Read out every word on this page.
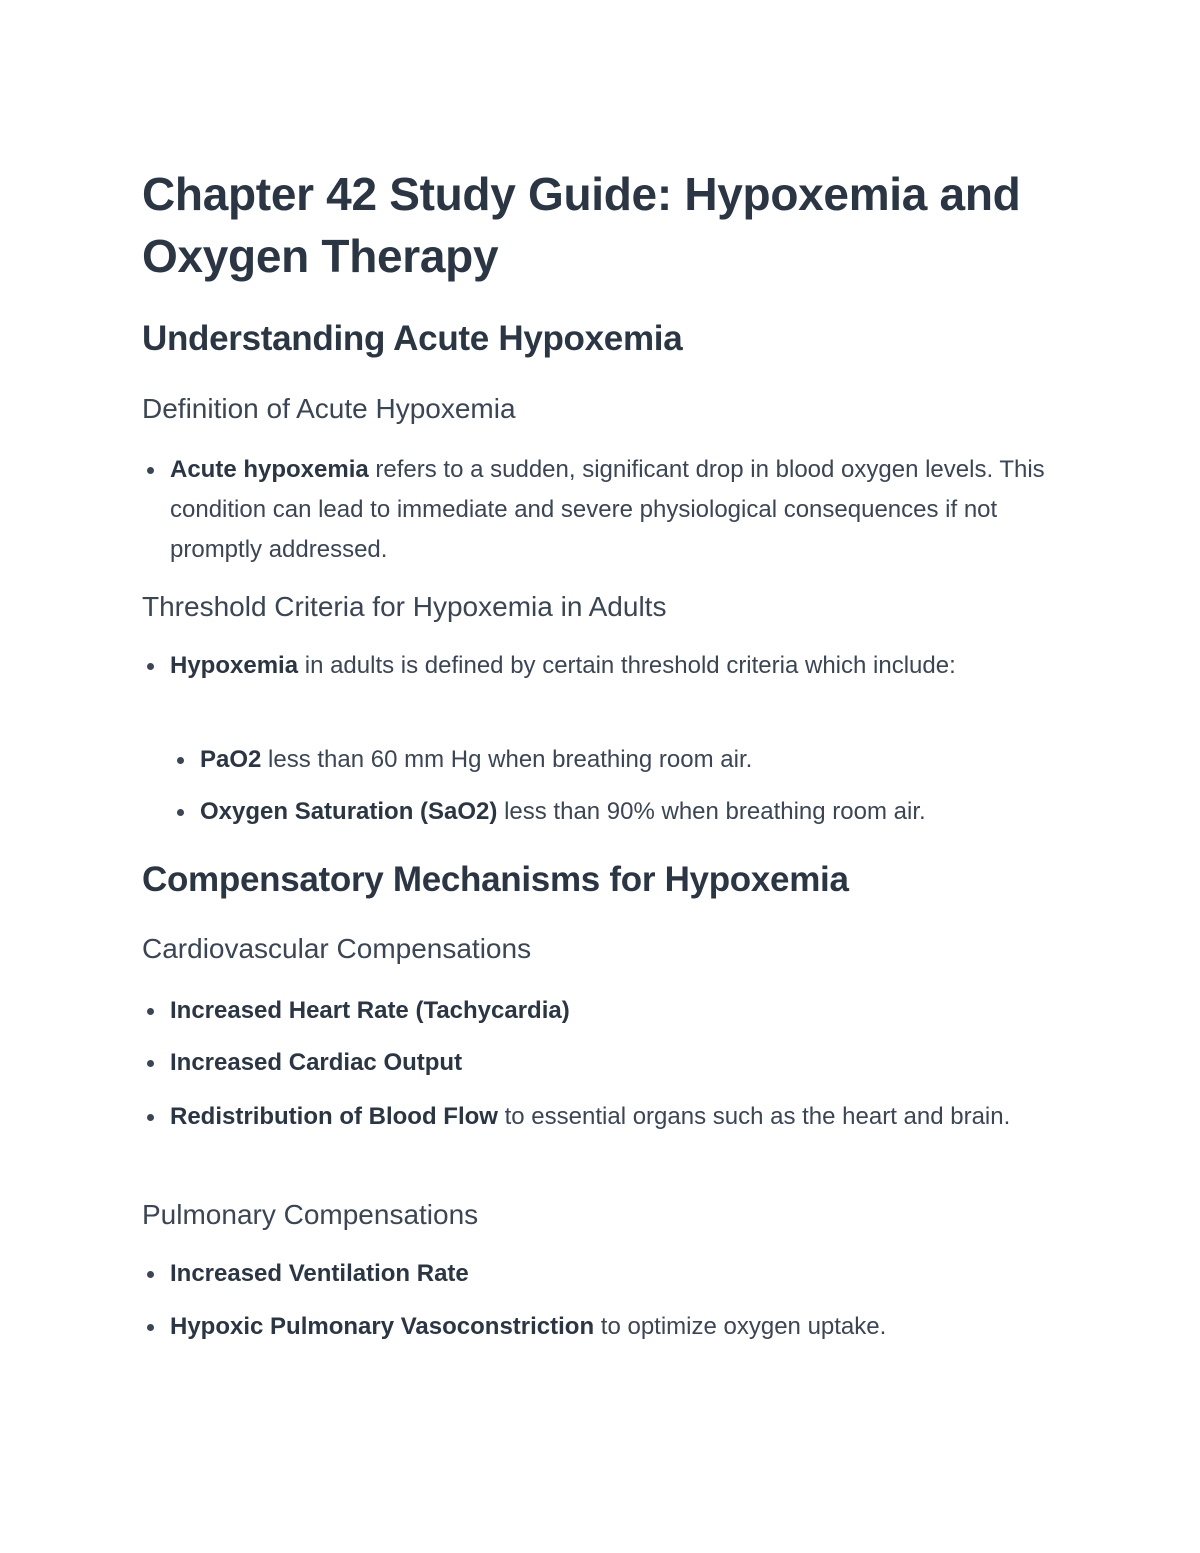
Chapter 42 Study Guide: Hypoxemia and Oxygen Therapy
Understanding Acute Hypoxemia
Definition of Acute Hypoxemia
Acute hypoxemia refers to a sudden, significant drop in blood oxygen levels. This condition can lead to immediate and severe physiological consequences if not promptly addressed.
Threshold Criteria for Hypoxemia in Adults
Hypoxemia in adults is defined by certain threshold criteria which include:
PaO2 less than 60 mm Hg when breathing room air.
Oxygen Saturation (SaO2) less than 90% when breathing room air.
Compensatory Mechanisms for Hypoxemia
Cardiovascular Compensations
Increased Heart Rate (Tachycardia)
Increased Cardiac Output
Redistribution of Blood Flow to essential organs such as the heart and brain.
Pulmonary Compensations
Increased Ventilation Rate
Hypoxic Pulmonary Vasoconstriction to optimize oxygen uptake.
